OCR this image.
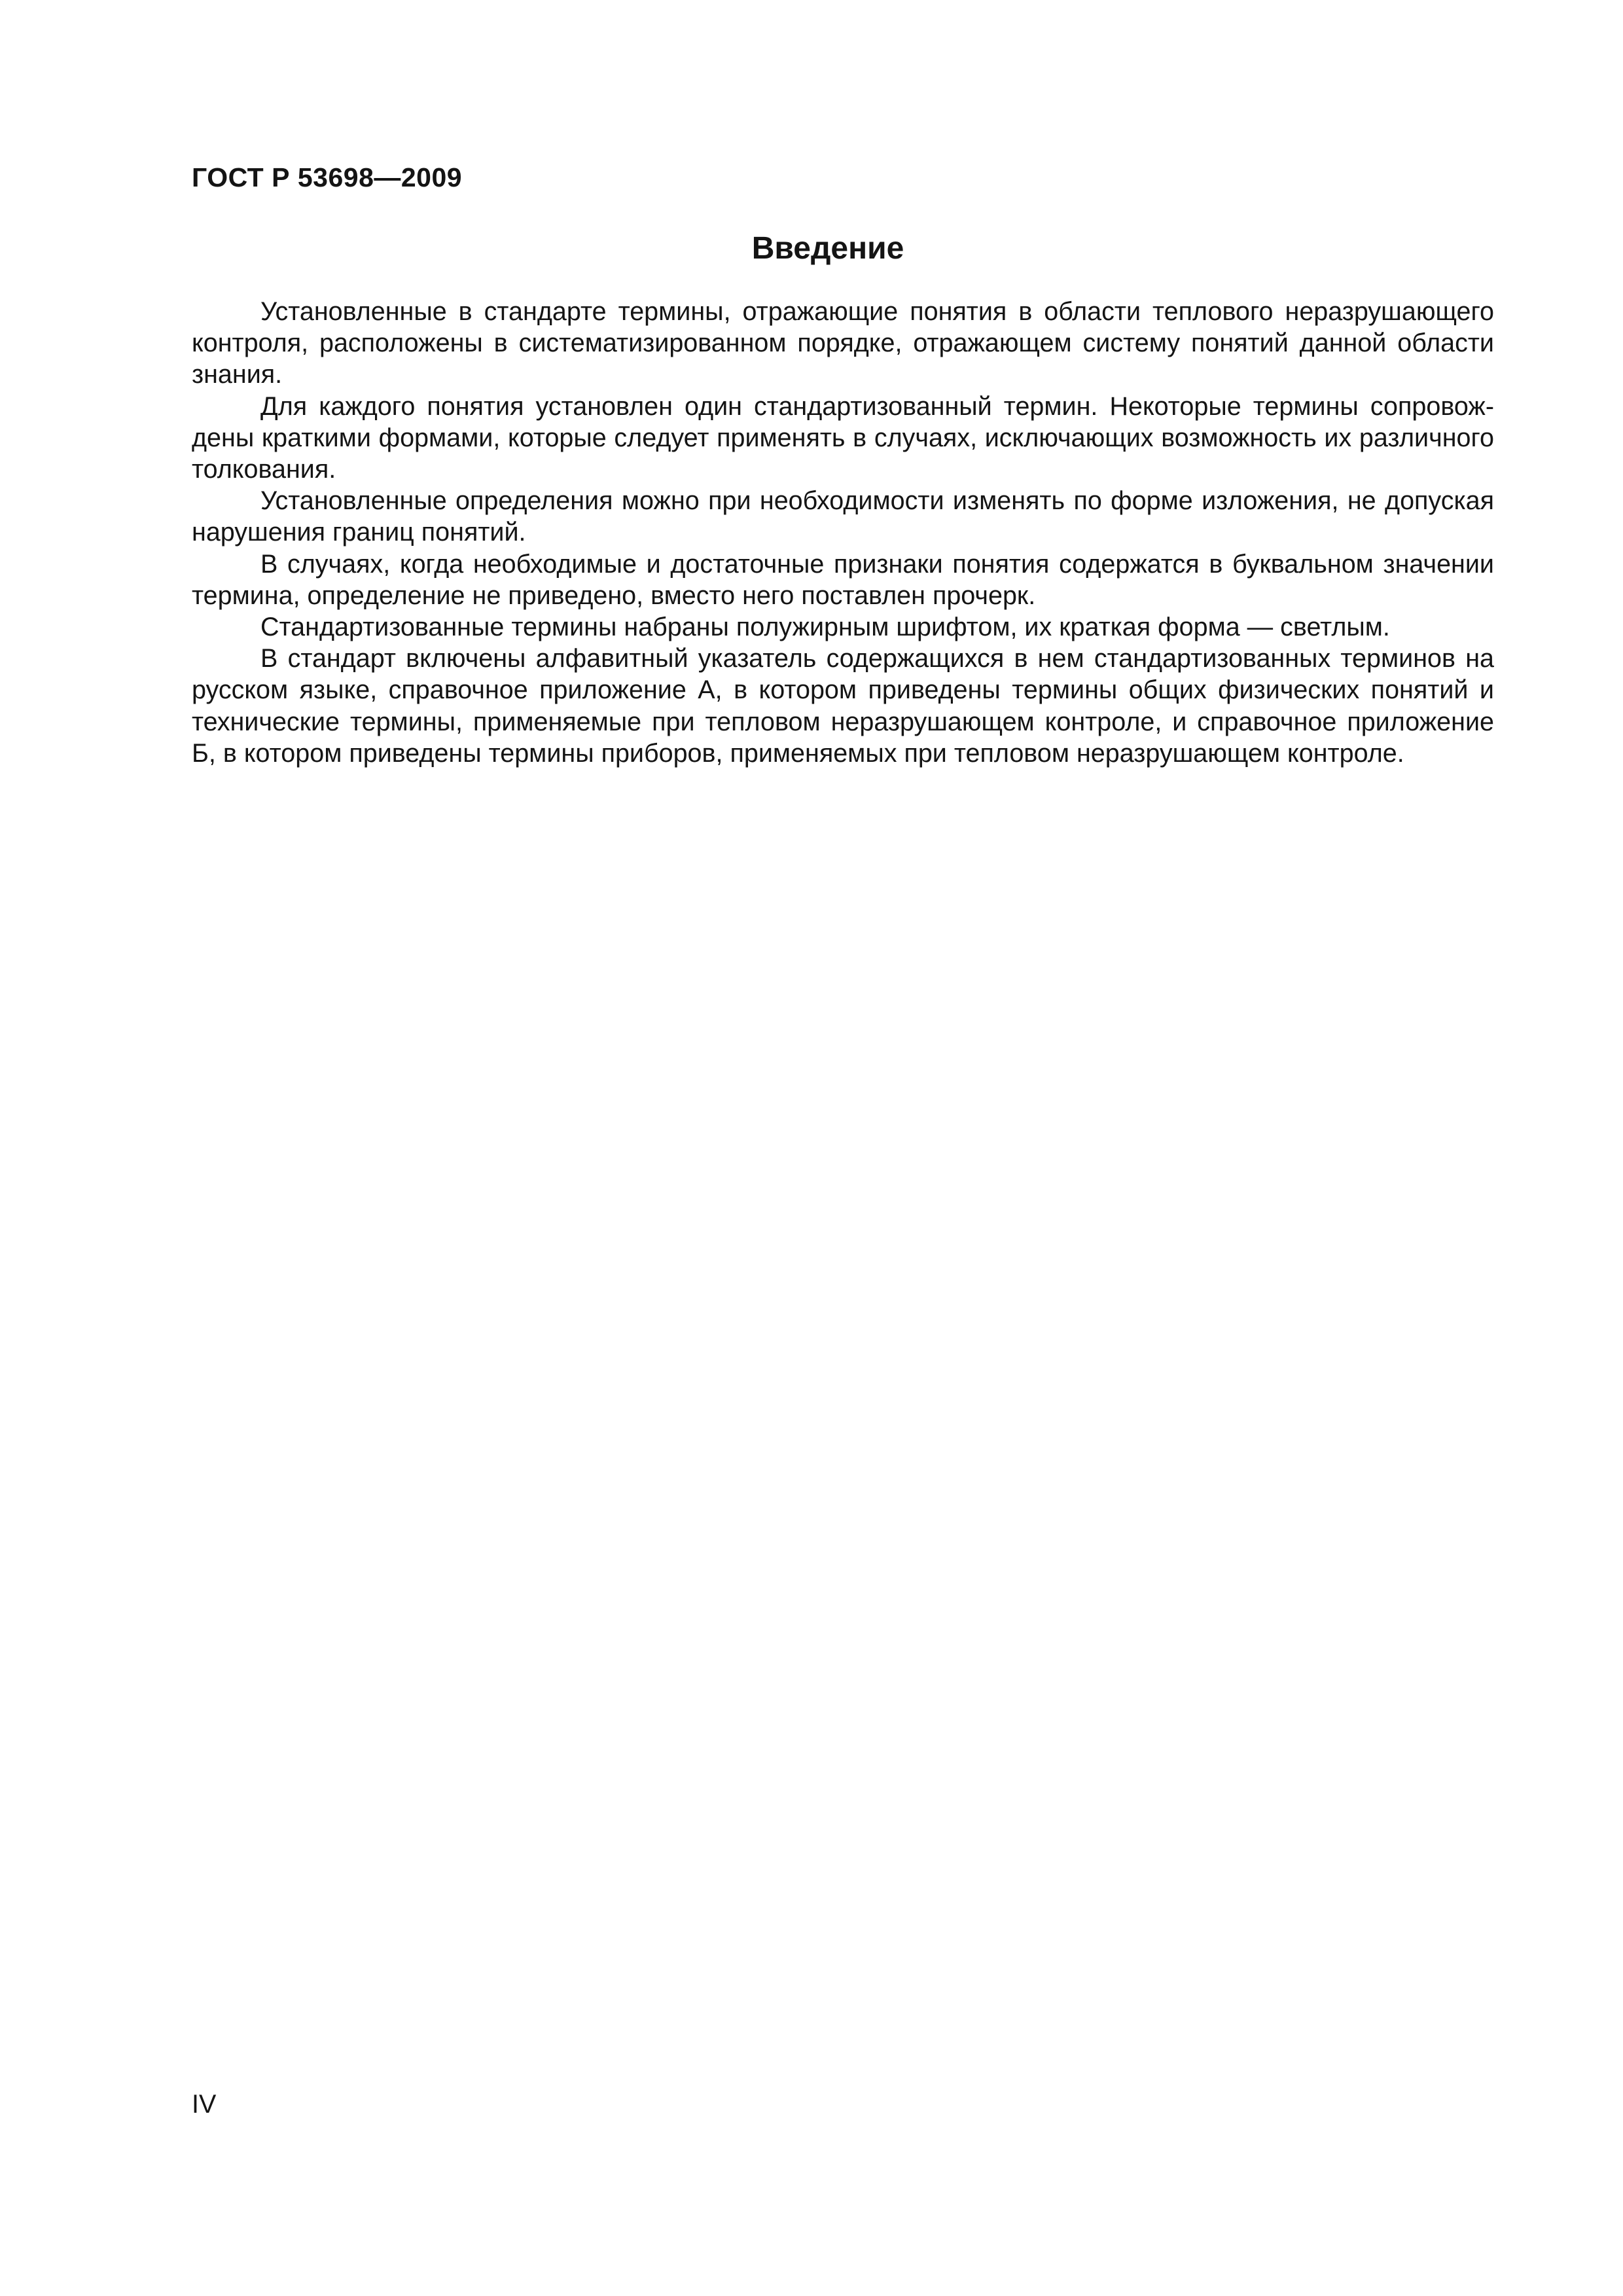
ГОСТ Р 53698—2009
Введение

Установленные в стандарте термины, отражающие понятия в области теплового неразрушающего контроля, расположены в систематизированном порядке, отражающем систему понятий данной области знания.

Для каждого понятия установлен один стандартизованный термин. Некоторые термины сопровождены краткими формами, которые следует применять в случаях, исключающих возможность их различного толкования.

Установленные определения можно при необходимости изменять по форме изложения, не допуская нарушения границ понятий.

В случаях, когда необходимые и достаточные признаки понятия содержатся в буквальном значении термина, определение не приведено, вместо него поставлен прочерк.

Стандартизованные термины набраны полужирным шрифтом, их краткая форма — светлым.

В стандарт включены алфавитный указатель содержащихся в нем стандартизованных терминов на русском языке, справочное приложение А, в котором приведены термины общих физических понятий и технические термины, применяемые при тепловом неразрушающем контроле, и справочное приложение Б, в котором приведены термины приборов, применяемых при тепловом неразрушающем контроле.

IV
